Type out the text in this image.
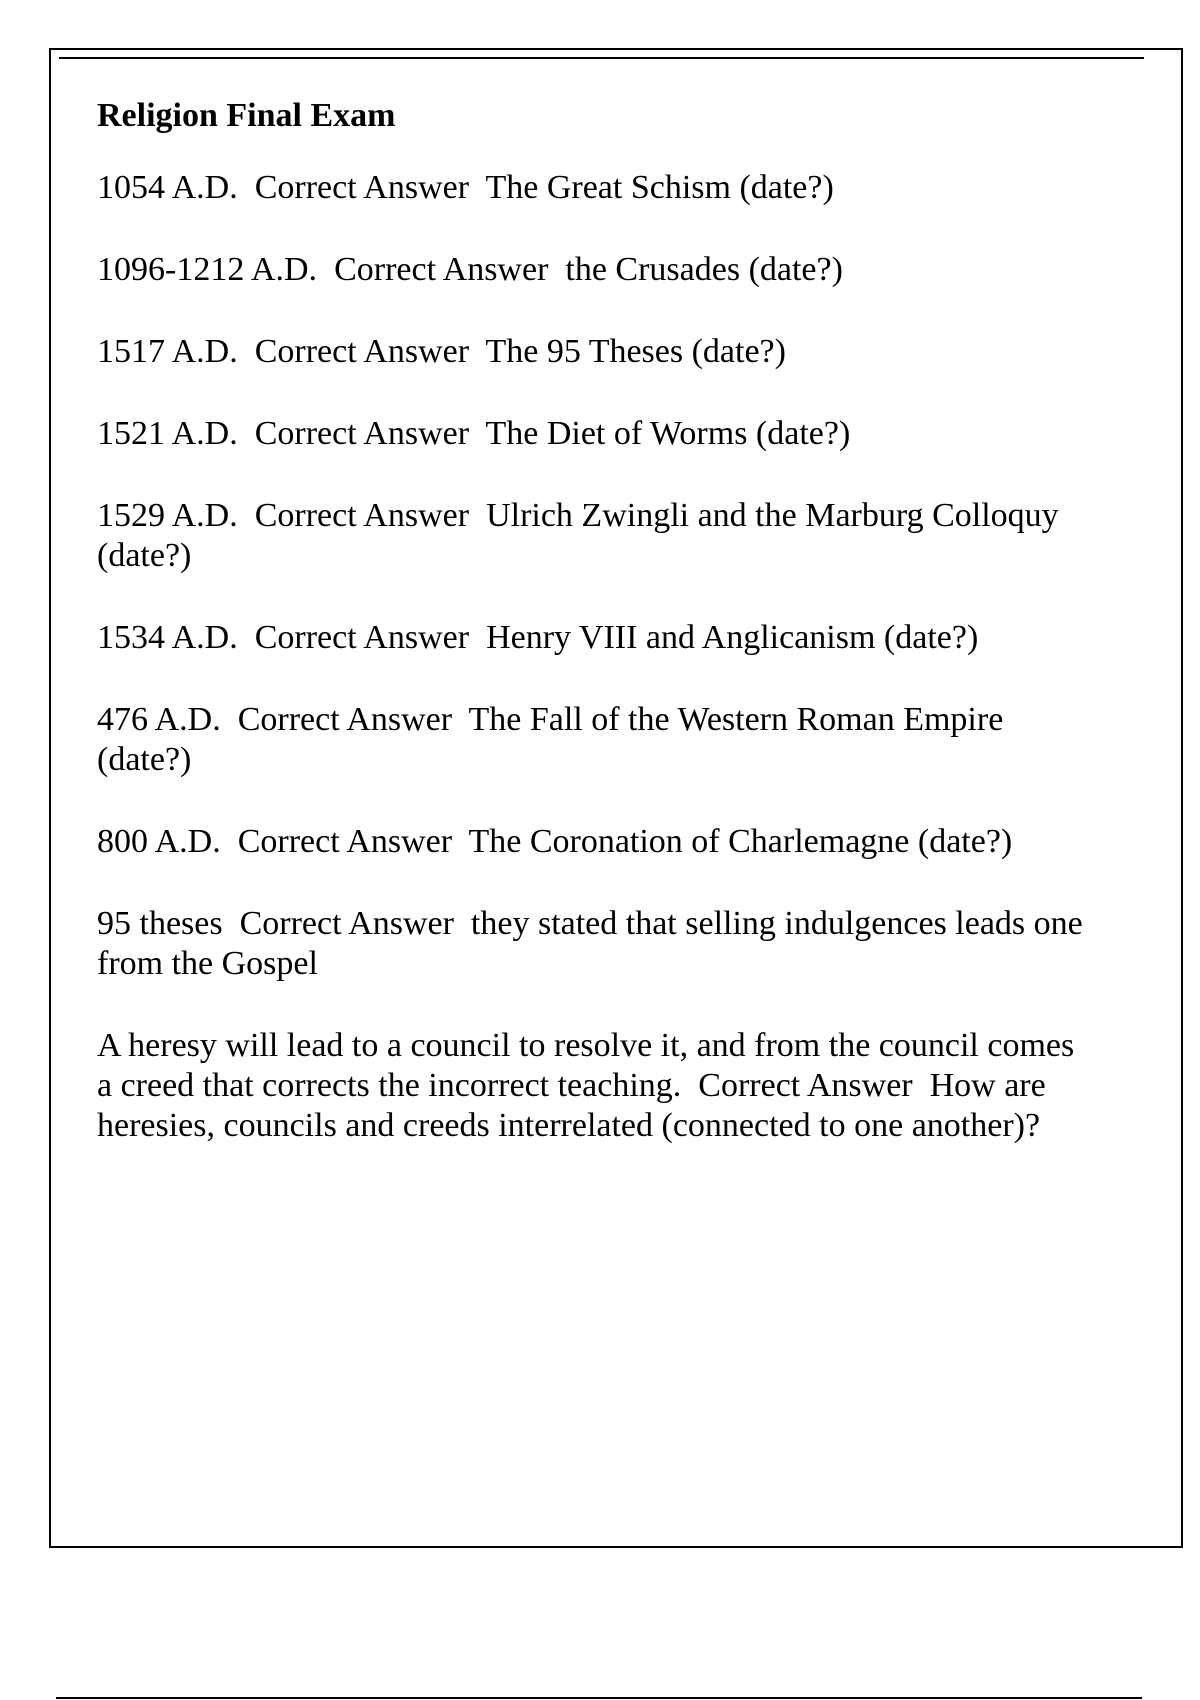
Religion Final Exam
1054 A.D. Correct Answer The Great Schism (date?)
1096-1212 A.D. Correct Answer the Crusades (date?)
1517 A.D. Correct Answer The 95 Theses (date?)
1521 A.D. Correct Answer The Diet of Worms (date?)
1529 A.D. Correct Answer Ulrich Zwingli and the Marburg Colloquy (date?)
1534 A.D. Correct Answer Henry VIII and Anglicanism (date?)
476 A.D. Correct Answer The Fall of the Western Roman Empire (date?)
800 A.D. Correct Answer The Coronation of Charlemagne (date?)
95 theses Correct Answer they stated that selling indulgences leads one from the Gospel
A heresy will lead to a council to resolve it, and from the council comes a creed that corrects the incorrect teaching. Correct Answer How are heresies, councils and creeds interrelated (connected to one another)?
